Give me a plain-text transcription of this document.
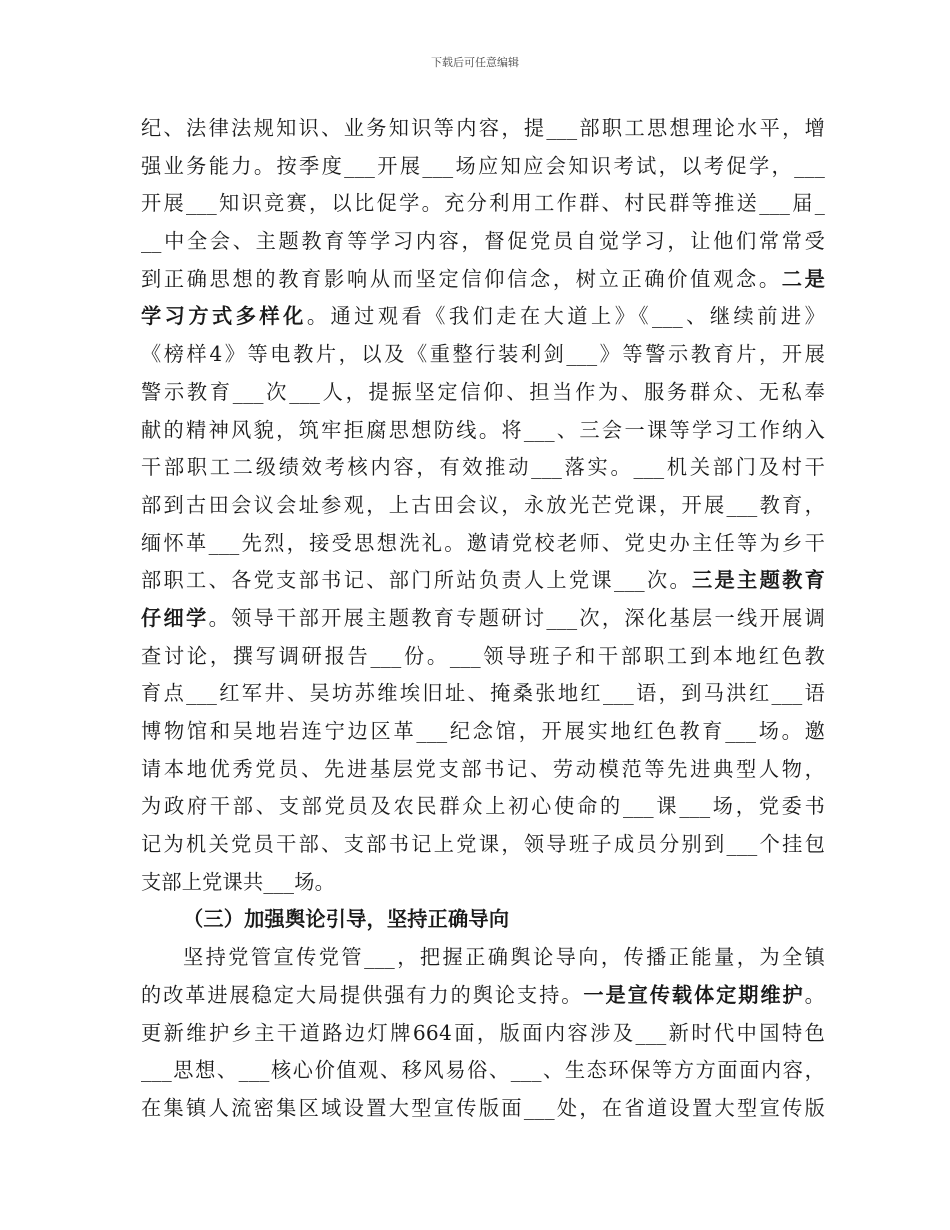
下载后可任意编辑
纪、法律法规知识、业务知识等内容，提___部职工思想理论水平，增
强业务能力。按季度___开展___场应知应会知识考试，以考促学，___
开展___知识竞赛，以比促学。充分利用工作群、村民群等推送___届_
__中全会、主题教育等学习内容，督促党员自觉学习，让他们常常受
到正确思想的教育影响从而坚定信仰信念，树立正确价值观念。二是
学习方式多样化。通过观看《我们走在大道上》《___、继续前进》
《榜样4》等电教片，以及《重整行装利剑___》等警示教育片，开展
警示教育___次___人，提振坚定信仰、担当作为、服务群众、无私奉
献的精神风貌，筑牢拒腐思想防线。将___、三会一课等学习工作纳入
干部职工二级绩效考核内容，有效推动___落实。___机关部门及村干
部到古田会议会址参观，上古田会议，永放光芒党课，开展___教育，
缅怀革___先烈，接受思想洗礼。邀请党校老师、党史办主任等为乡干
部职工、各党支部书记、部门所站负责人上党课___次。三是主题教育
仔细学。领导干部开展主题教育专题研讨___次，深化基层一线开展调
查讨论，撰写调研报告___份。___领导班子和干部职工到本地红色教
育点___红军井、吴坊苏维埃旧址、掩桑张地红___语，到马洪红___语
博物馆和吴地岩连宁边区革___纪念馆，开展实地红色教育___场。邀
请本地优秀党员、先进基层党支部书记、劳动模范等先进典型人物，
为政府干部、支部党员及农民群众上初心使命的___课___场，党委书
记为机关党员干部、支部书记上党课，领导班子成员分别到___个挂包
支部上党课共___场。
（三）加强舆论引导，坚持正确导向
坚持党管宣传党管___，把握正确舆论导向，传播正能量，为全镇
的改革进展稳定大局提供强有力的舆论支持。一是宣传载体定期维护。
更新维护乡主干道路边灯牌664面，版面内容涉及___新时代中国特色
___思想、___核心价值观、移风易俗、___、生态环保等方方面面内容，
在集镇人流密集区域设置大型宣传版面___处，在省道设置大型宣传版
